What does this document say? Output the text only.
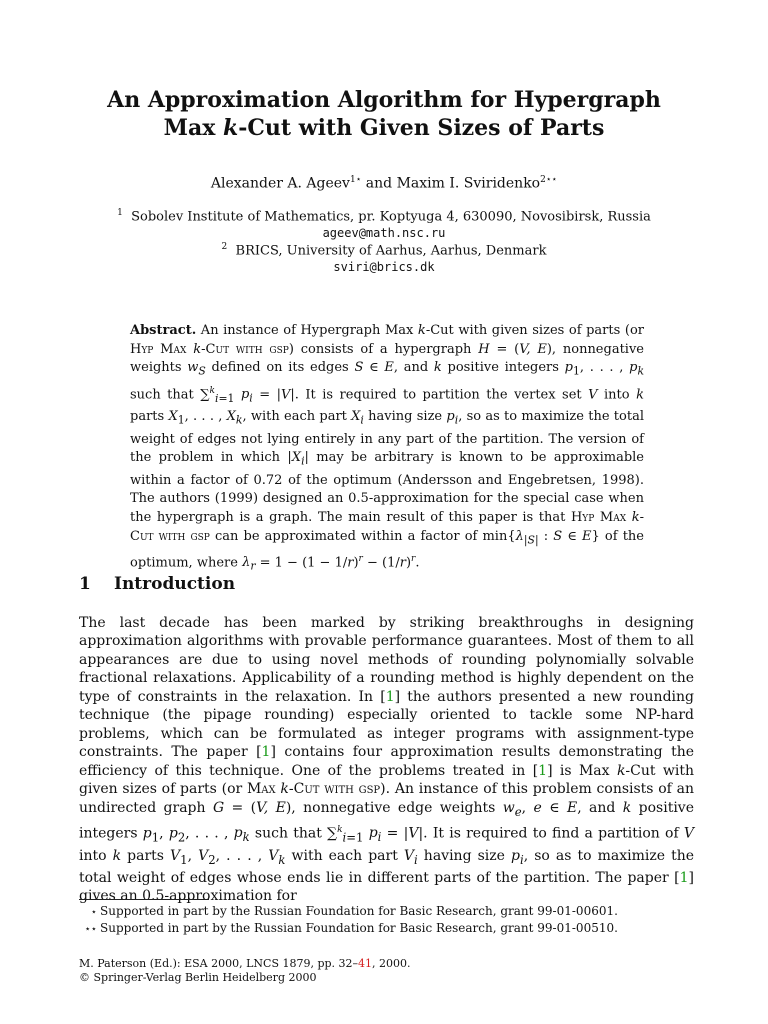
An Approximation Algorithm for Hypergraph
Max k-Cut with Given Sizes of Parts
Alexander A. Ageev$^{1⋆}$ and Maxim I. Sviridenko$^{2⋆⋆}$
$^1$ Sobolev Institute of Mathematics, pr. Koptyuga 4, 630090, Novosibirsk, Russia
ageev@math.nsc.ru
$^2$ BRICS, University of Aarhus, Aarhus, Denmark
sviri@brics.dk
Abstract. An instance of Hypergraph Max k-Cut with given sizes of parts (or Hyp Max k-Cut with gsp) consists of a hypergraph H = (V, E), nonnegative weights $w_S$ defined on its edges S ∈ E, and k positive integers $p_1$, . . . , $p_k$ such that ∑$^k_{i=1}$ $p_i = |V|$. It is required to partition the vertex set V into k parts $X_1$, . . . , $X_k$, with each part $X_i$ having size $p_i$, so as to maximize the total weight of edges not lying entirely in any part of the partition. The version of the problem in which $|X_i|$ may be arbitrary is known to be approximable within a factor of 0.72 of the optimum (Andersson and Engebretsen, 1998). The authors (1999) designed an 0.5-approximation for the special case when the hypergraph is a graph. The main result of this paper is that Hyp Max k-Cut with gsp can be approximated within a factor of $\min\{\lambda_{|S|}$ : S ∈ E} of the optimum, where $\lambda_r = 1 - (1 - 1/r)^r - (1/r)^r$.
1 Introduction
The last decade has been marked by striking breakthroughs in designing approximation algorithms with provable performance guarantees. Most of them to all appearances are due to using novel methods of rounding polynomially solvable fractional relaxations. Applicability of a rounding method is highly dependent on the type of constraints in the relaxation. In [1] the authors presented a new rounding technique (the pipage rounding) especially oriented to tackle some NP-hard problems, which can be formulated as integer programs with assignment-type constraints. The paper [1] contains four approximation results demonstrating the efficiency of this technique. One of the problems treated in [1] is Max k-Cut with given sizes of parts (or Max k-Cut with gsp). An instance of this problem consists of an undirected graph G = (V, E), nonnegative edge weights $w_e$, e ∈ E, and k positive integers $p_1$, $p_2$, . . . , $p_k$ such that ∑$^k_{i=1}$ $p_i = |V|$. It is required to find a partition of V into k parts $V_1$, $V_2$, . . . , $V_k$ with each part $V_i$ having size $p_i$, so as to maximize the total weight of edges whose ends lie in different parts of the partition. The paper [1] gives an 0.5-approximation for
⋆ Supported in part by the Russian Foundation for Basic Research, grant 99-01-00601.
⋆⋆ Supported in part by the Russian Foundation for Basic Research, grant 99-01-00510.
M. Paterson (Ed.): ESA 2000, LNCS 1879, pp. 32–41, 2000.
© Springer-Verlag Berlin Heidelberg 2000
